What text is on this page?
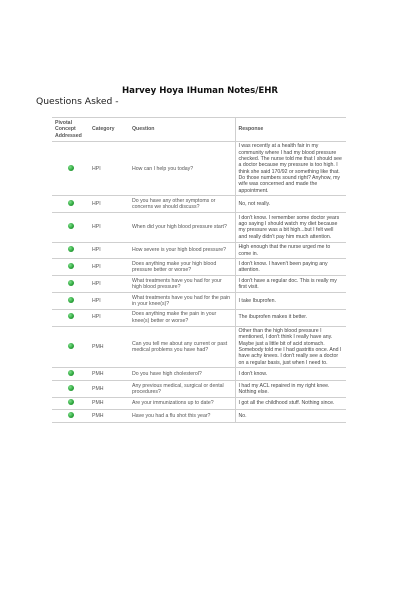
Harvey Hoya IHuman Notes/EHR
Questions Asked -
Pivotal Concept Addressed	Category	Question	Response
	HPI	How can I help you today?	I was recently at a health fair in my community where I had my blood pressure checked. The nurse told me that I should see a doctor because my pressure is too high. I think she said 170/92 or something like that. Do those numbers sound right? Anyhow, my wife was concerned and made the appointment.
	HPI	Do you have any other symptoms or concerns we should discuss?	No, not really.
	HPI	When did your high blood pressure start?	I don't know. I remember some doctor years ago saying I should watch my diet because my pressure was a bit high...but I felt well and really didn't pay him much attention.
	HPI	How severe is your high blood pressure?	High enough that the nurse urged me to come in.
	HPI	Does anything make your high blood pressure better or worse?	I don't know. I haven't been paying any attention.
	HPI	What treatments have you had for your high blood pressure?	I don't have a regular doc. This is really my first visit.
	HPI	What treatments have you had for the pain in your knee(s)?	I take Ibuprofen.
	HPI	Does anything make the pain in your knee(s) better or worse?	The ibuprofen makes it better.
	PMH	Can you tell me about any current or past medical problems you have had?	Other than the high blood pressure I mentioned, I don't think I really have any. Maybe just a little bit of acid stomach. Somebody told me I had gastritis once. And I have achy knees. I don't really see a doctor on a regular basis, just when I need to.
	PMH	Do you have high cholesterol?	I don't know.
	PMH	Any previous medical, surgical or dental procedures?	I had my ACL repaired in my right knee. Nothing else.
	PMH	Are your immunizations up to date?	I got all the childhood stuff. Nothing since.
	PMH	Have you had a flu shot this year?	No.
